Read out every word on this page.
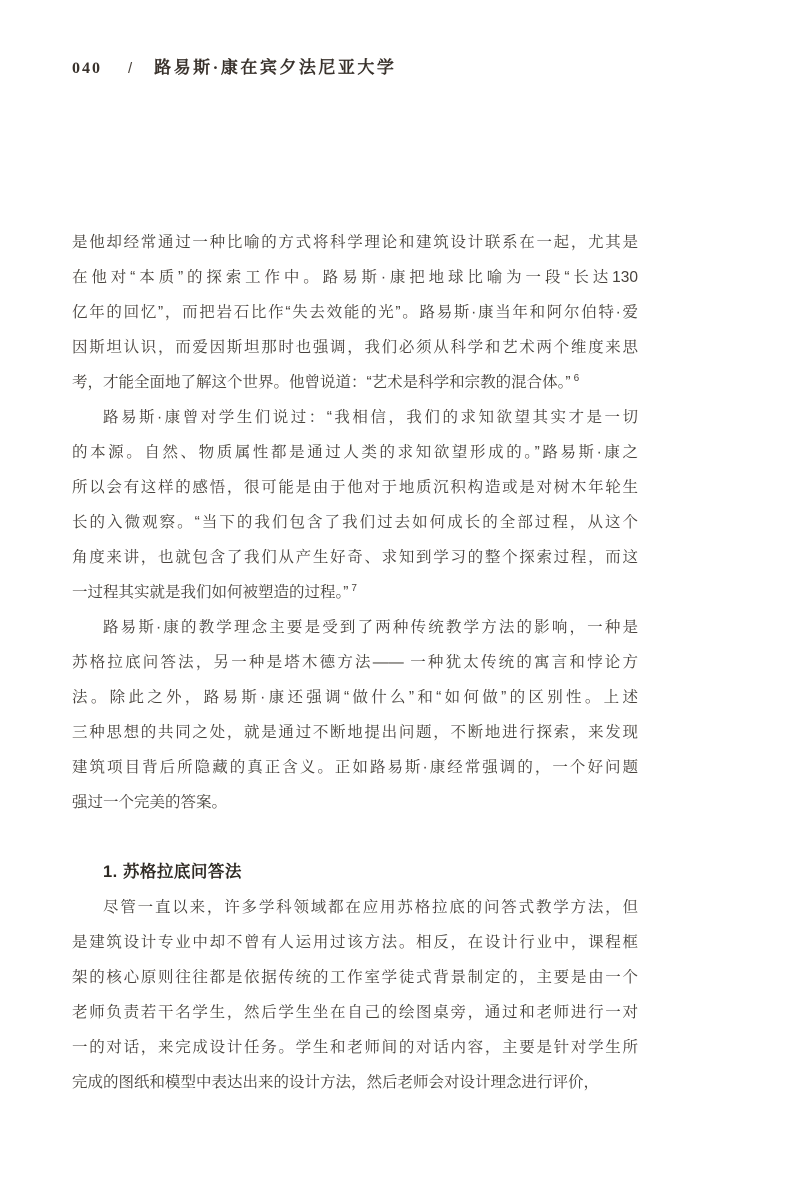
040 / 路易斯·康在宾夕法尼亚大学
是他却经常通过一种比喻的方式将科学理论和建筑设计联系在一起，尤其是
在他对“本质”的探索工作中。路易斯·康把地球比喻为一段“长达130
亿年的回忆”，而把岩石比作“失去效能的光”。路易斯·康当年和阿尔伯特·爱
因斯坦认识，而爱因斯坦那时也强调，我们必须从科学和艺术两个维度来思
考，才能全面地了解这个世界。他曾说道：“艺术是科学和宗教的混合体。” $^6$
路易斯·康曾对学生们说过：“我相信，我们的求知欲望其实才是一切
的本源。自然、物质属性都是通过人类的求知欲望形成的。”路易斯·康之
所以会有这样的感悟，很可能是由于他对于地质沉积构造或是对树木年轮生
长的入微观察。“当下的我们包含了我们过去如何成长的全部过程，从这个
角度来讲，也就包含了我们从产生好奇、求知到学习的整个探索过程，而这
一过程其实就是我们如何被塑造的过程。” $^7$
路易斯·康的教学理念主要是受到了两种传统教学方法的影响，一种是
苏格拉底问答法，另一种是塔木德方法—— 一种犹太传统的寓言和悖论方
法。除此之外，路易斯·康还强调“做什么”和“如何做”的区别性。上述
三种思想的共同之处，就是通过不断地提出问题，不断地进行探索，来发现
建筑项目背后所隐藏的真正含义。正如路易斯·康经常强调的，一个好问题
强过一个完美的答案。
1. 苏格拉底问答法
尽管一直以来，许多学科领域都在应用苏格拉底的问答式教学方法，但
是建筑设计专业中却不曾有人运用过该方法。相反，在设计行业中，课程框
架的核心原则往往都是依据传统的工作室学徒式背景制定的，主要是由一个
老师负责若干名学生，然后学生坐在自己的绘图桌旁，通过和老师进行一对
一的对话，来完成设计任务。学生和老师间的对话内容，主要是针对学生所
完成的图纸和模型中表达出来的设计方法，然后老师会对设计理念进行评价，
